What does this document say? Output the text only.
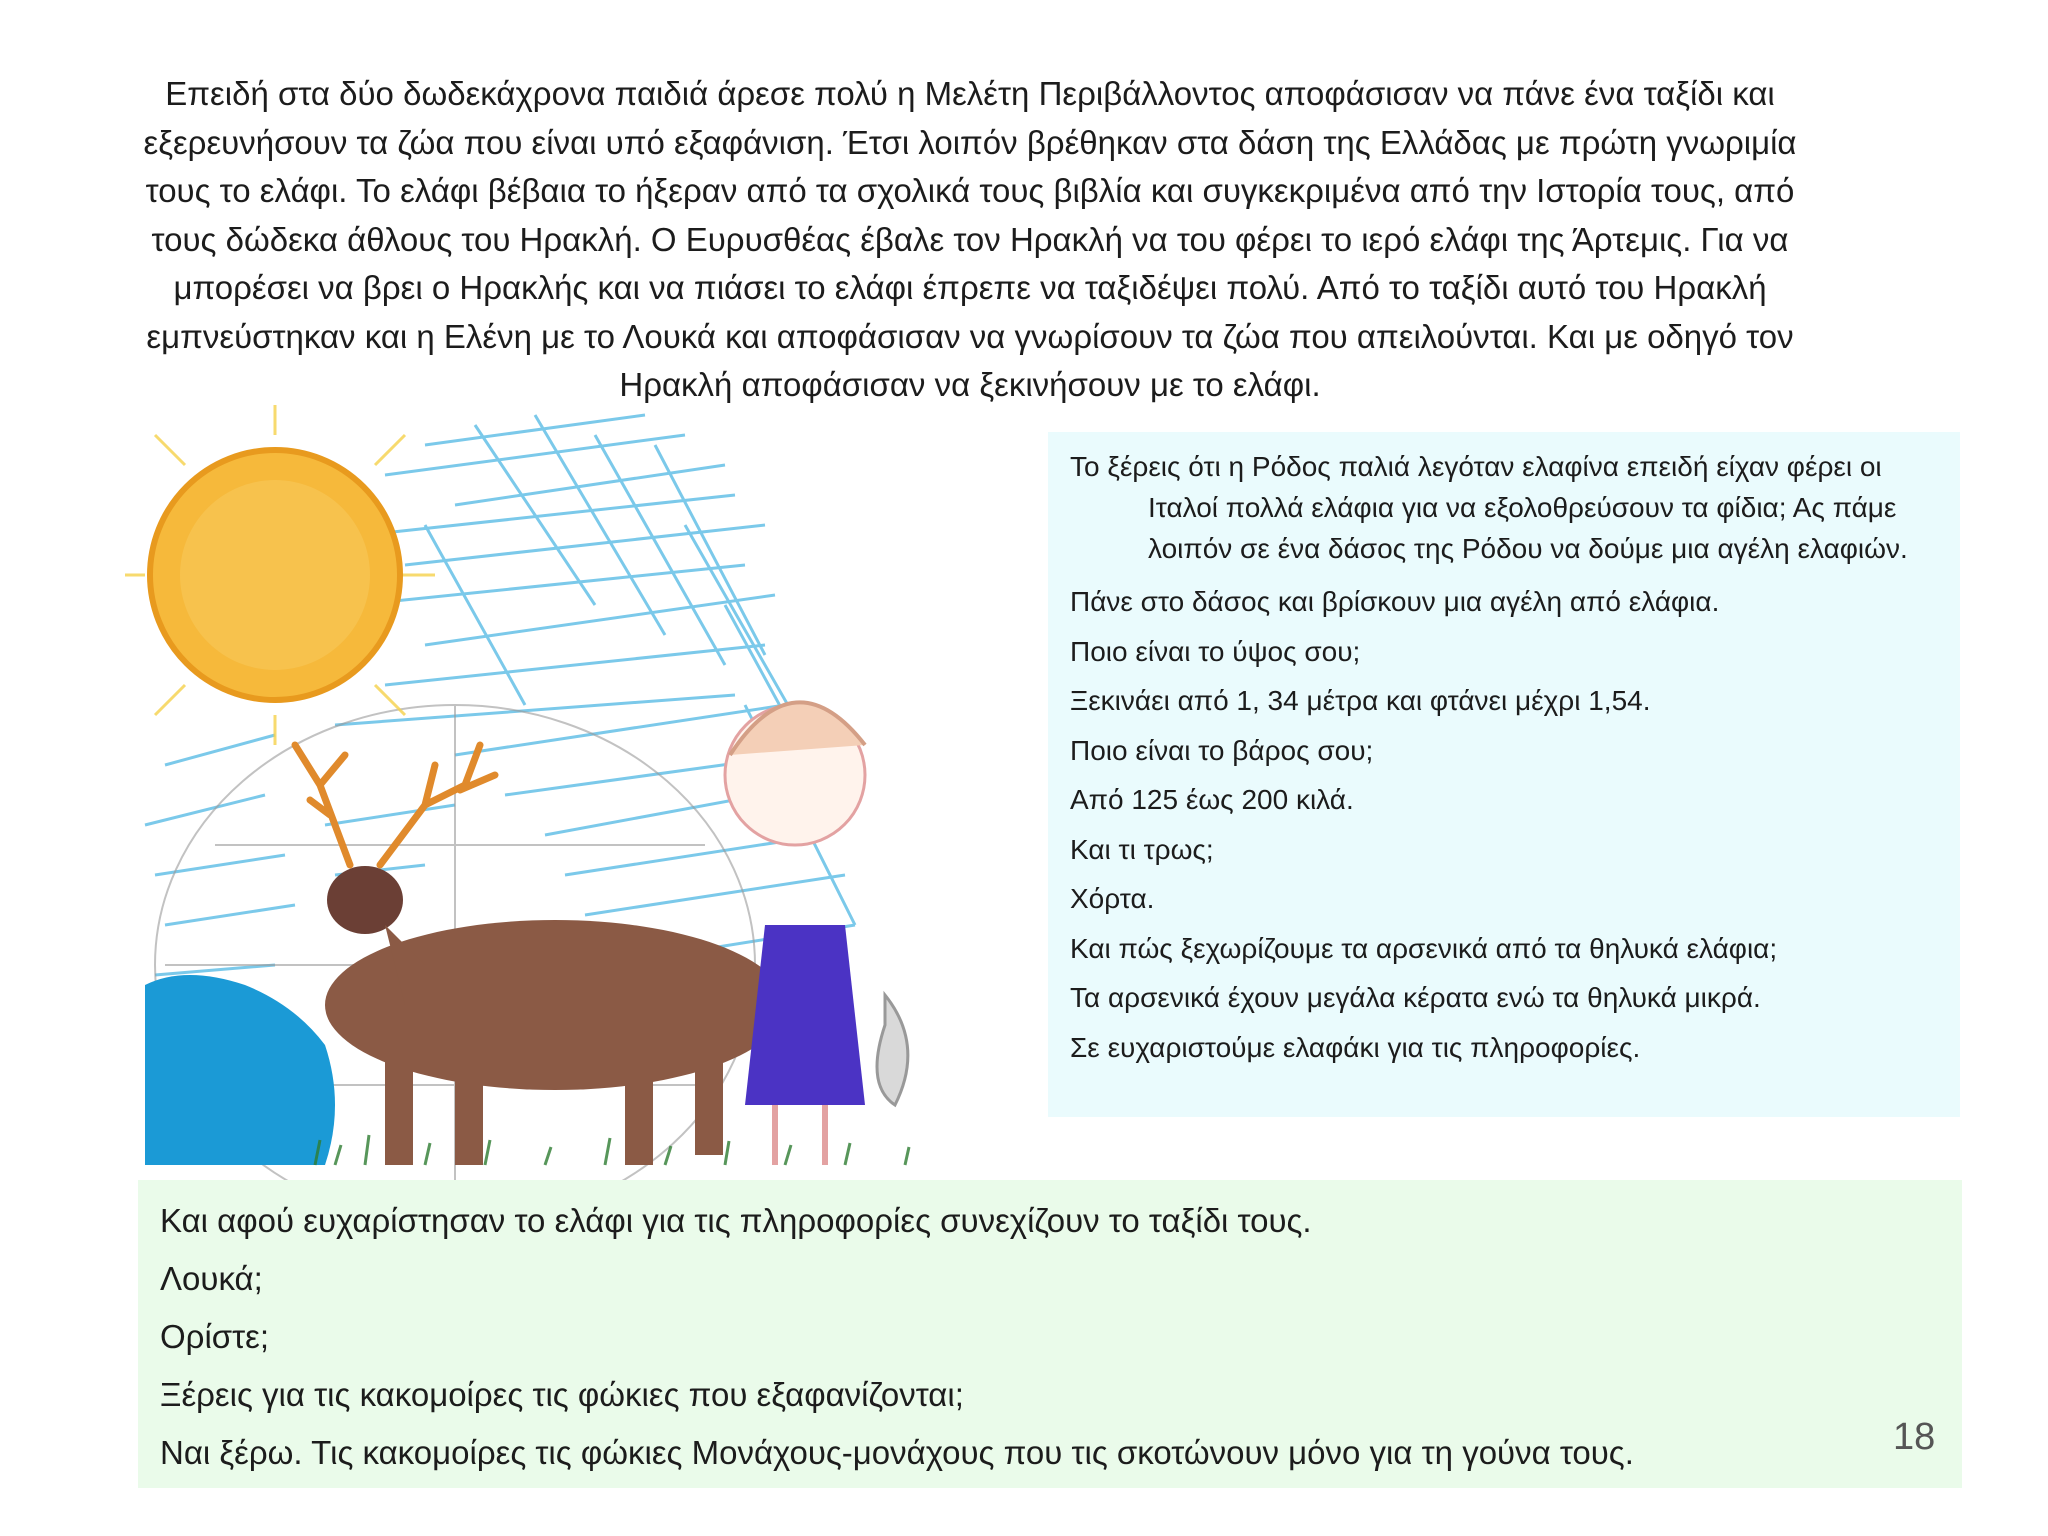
Επειδή στα δύο δωδεκάχρονα παιδιά άρεσε πολύ η Μελέτη Περιβάλλοντος αποφάσισαν να πάνε ένα ταξίδι και εξερευνήσουν τα ζώα που είναι υπό εξαφάνιση. Έτσι λοιπόν βρέθηκαν στα δάση της Ελλάδας με πρώτη γνωριμία τους το ελάφι. Το ελάφι βέβαια το ήξεραν από τα σχολικά τους βιβλία και συγκεκριμένα από την Ιστορία τους, από τους δώδεκα άθλους του Ηρακλή. Ο Ευρυσθέας έβαλε τον Ηρακλή να του φέρει το ιερό ελάφι της Άρτεμις. Για να μπορέσει να βρει ο Ηρακλής και να πιάσει το ελάφι έπρεπε να ταξιδέψει πολύ. Από το ταξίδι αυτό του Ηρακλή εμπνεύστηκαν και η Ελένη με το Λουκά και αποφάσισαν να γνωρίσουν τα ζώα που απειλούνται. Και με οδηγό τον Ηρακλή αποφάσισαν να ξεκινήσουν με το ελάφι.

Το ξέρεις ότι η Ρόδος παλιά λεγόταν ελαφίνα επειδή είχαν φέρει οι Ιταλοί πολλά ελάφια για να εξολοθρεύσουν τα φίδια; Ας πάμε λοιπόν σε ένα δάσος της Ρόδου να δούμε μια αγέλη ελαφιών.

Πάνε στο δάσος και βρίσκουν μια αγέλη από ελάφια.

Ποιο είναι το ύψος σου;

Ξεκινάει από 1, 34 μέτρα και φτάνει μέχρι 1,54.

Ποιο είναι το βάρος σου;

Από 125 έως 200 κιλά.

Και τι τρως;

Χόρτα.

Και πώς ξεχωρίζουμε τα αρσενικά από τα θηλυκά ελάφια;

Τα αρσενικά έχουν μεγάλα κέρατα ενώ τα θηλυκά μικρά.

Σε ευχαριστούμε ελαφάκι για τις πληροφορίες.

Και αφού ευχαρίστησαν το ελάφι για τις πληροφορίες συνεχίζουν το ταξίδι τους.

Λουκά;

Ορίστε;

Ξέρεις για τις κακομοίρες τις φώκιες που εξαφανίζονται;

Ναι ξέρω. Τις κακομοίρες τις φώκιες Μονάχους-μονάχους που τις σκοτώνουν μόνο για τη γούνα τους.	18
